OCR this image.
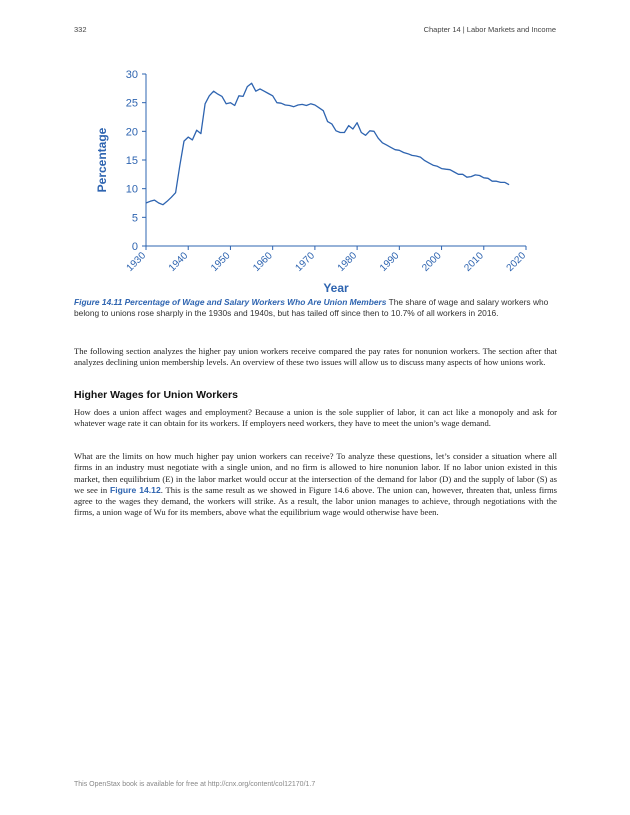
332	Chapter 14 | Labor Markets and Income
1930 1940 1950 1960 1970 1980 1990 2000 2010 2020
0
5
10
15
20
25
30
Percentage
Year
Figure 14.11 Percentage of Wage and Salary Workers Who Are Union Members The share of wage and salary workers who belong to unions rose sharply in the 1930s and 1940s, but has tailed off since then to 10.7% of all workers in 2016.

The following section analyzes the higher pay union workers receive compared the pay rates for nonunion workers. The section after that analyzes declining union membership levels. An overview of these two issues will allow us to discuss many aspects of how unions work.

Higher Wages for Union Workers

How does a union affect wages and employment? Because a union is the sole supplier of labor, it can act like a monopoly and ask for whatever wage rate it can obtain for its workers. If employers need workers, they have to meet the union’s wage demand.

What are the limits on how much higher pay union workers can receive? To analyze these questions, let’s consider a situation where all firms in an industry must negotiate with a single union, and no firm is allowed to hire nonunion labor. If no labor union existed in this market, then equilibrium (E) in the labor market would occur at the intersection of the demand for labor (D) and the supply of labor (S) as we see in Figure 14.12. This is the same result as we showed in Figure 14.6 above. The union can, however, threaten that, unless firms agree to the wages they demand, the workers will strike. As a result, the labor union manages to achieve, through negotiations with the firms, a union wage of Wu for its members, above what the equilibrium wage would otherwise have been.

This OpenStax book is available for free at http://cnx.org/content/col12170/1.7
